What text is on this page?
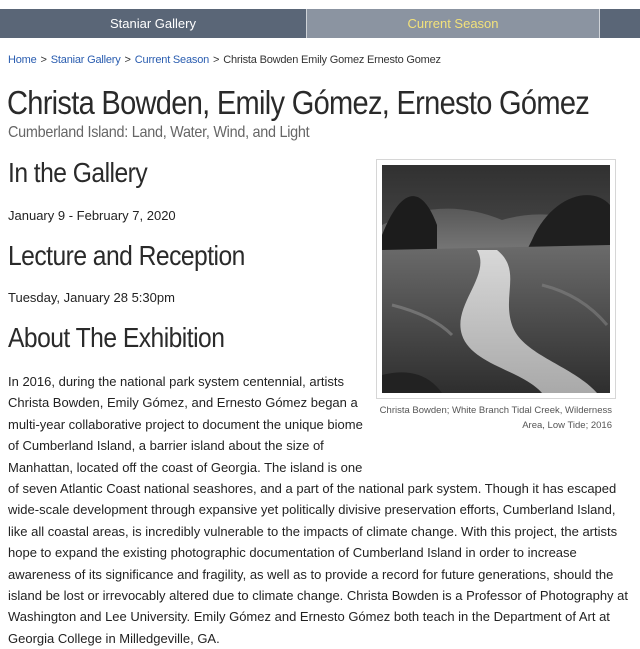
Staniar Gallery	Current Season
Home > Staniar Gallery > Current Season > Christa Bowden Emily Gomez Ernesto Gomez
Christa Bowden, Emily Gómez, Ernesto Gómez
Cumberland Island: Land, Water, Wind, and Light
In the Gallery
January 9 - February 7, 2020
Lecture and Reception
Tuesday, January 28 5:30pm
About The Exhibition
Christa Bowden; White Branch Tidal Creek, Wilderness Area, Low Tide; 2016
In 2016, during the national park system centennial, artists Christa Bowden, Emily Gómez, and Ernesto Gómez began a multi-year collaborative project to document the unique biome of Cumberland Island, a barrier island about the size of Manhattan, located off the coast of Georgia. The island is one of seven Atlantic Coast national seashores, and a part of the national park system. Though it has escaped wide-scale development through expansive yet politically divisive preservation efforts, Cumberland Island, like all coastal areas, is incredibly vulnerable to the impacts of climate change. With this project, the artists hope to expand the existing photographic documentation of Cumberland Island in order to increase awareness of its significance and fragility, as well as to provide a record for future generations, should the island be lost or irrevocably altered due to climate change. Christa Bowden is a Professor of Photography at Washington and Lee University. Emily Gómez and Ernesto Gómez both teach in the Department of Art at Georgia College in Milledgeville, GA.
